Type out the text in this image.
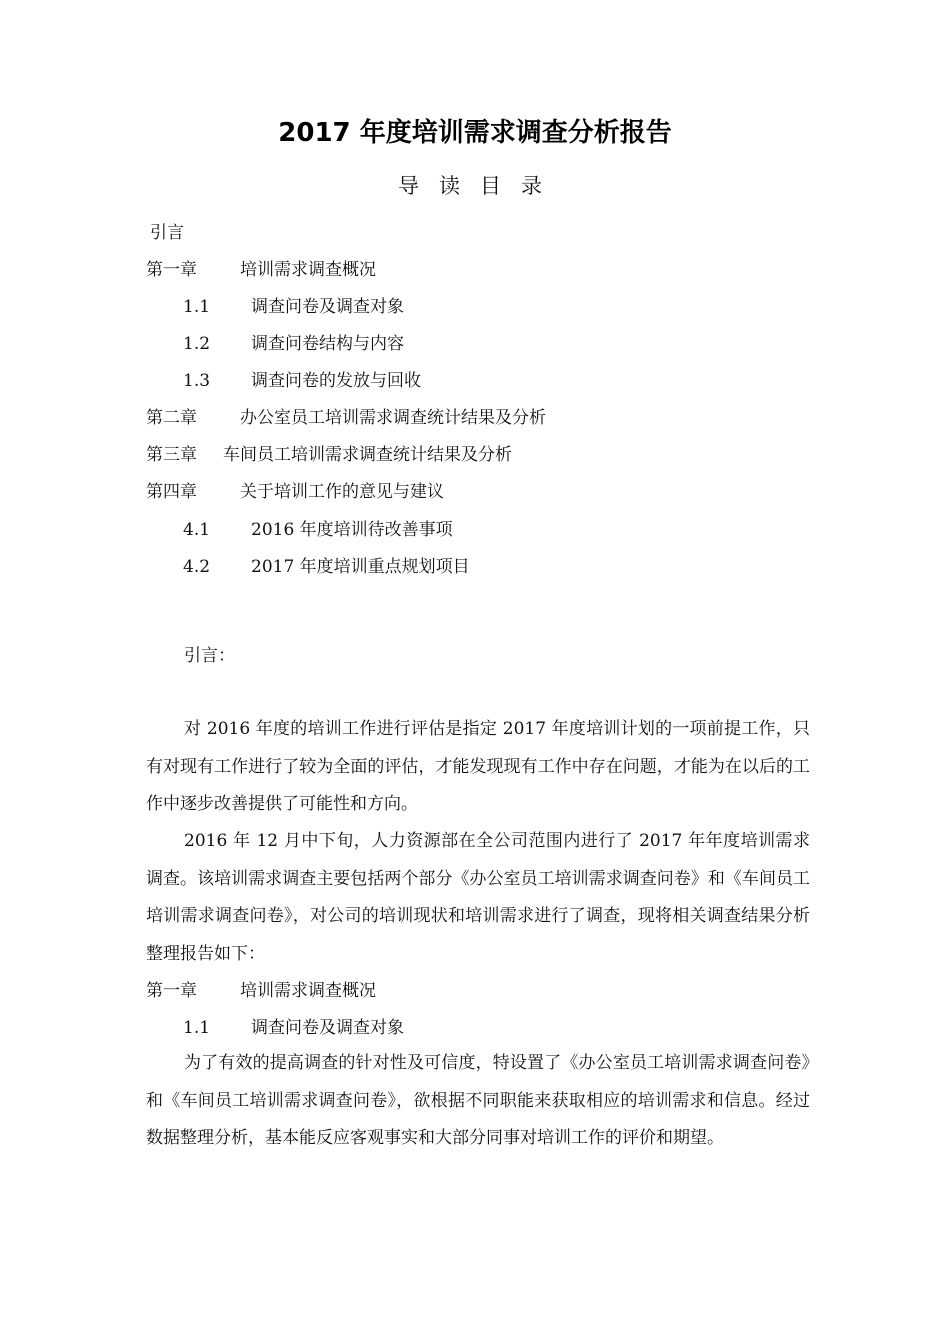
2017 年度培训需求调查分析报告
导读目录
引言
第一章	培训需求调查概况
1.1 调查问卷及调查对象
1.2 调查问卷结构与内容
1.3 调查问卷的发放与回收
第二章	办公室员工培训需求调查统计结果及分析
第三章 车间员工培训需求调查统计结果及分析
第四章	关于培训工作的意见与建议
4.1 2016 年度培训待改善事项
4.2 2017 年度培训重点规划项目
引言：
对 2016 年度的培训工作进行评估是指定 2017 年度培训计划的一项前提工作，只有对现有工作进行了较为全面的评估，才能发现现有工作中存在问题，才能为在以后的工作中逐步改善提供了可能性和方向。
2016 年 12 月中下旬，人力资源部在全公司范围内进行了 2017 年年度培训需求调查。该培训需求调查主要包括两个部分《办公室员工培训需求调查问卷》和《车间员工培训需求调查问卷》，对公司的培训现状和培训需求进行了调查，现将相关调查结果分析整理报告如下：
第一章	培训需求调查概况
1.1 调查问卷及调查对象
为了有效的提高调查的针对性及可信度，特设置了《办公室员工培训需求调查问卷》和《车间员工培训需求调查问卷》，欲根据不同职能来获取相应的培训需求和信息。经过数据整理分析，基本能反应客观事实和大部分同事对培训工作的评价和期望。
